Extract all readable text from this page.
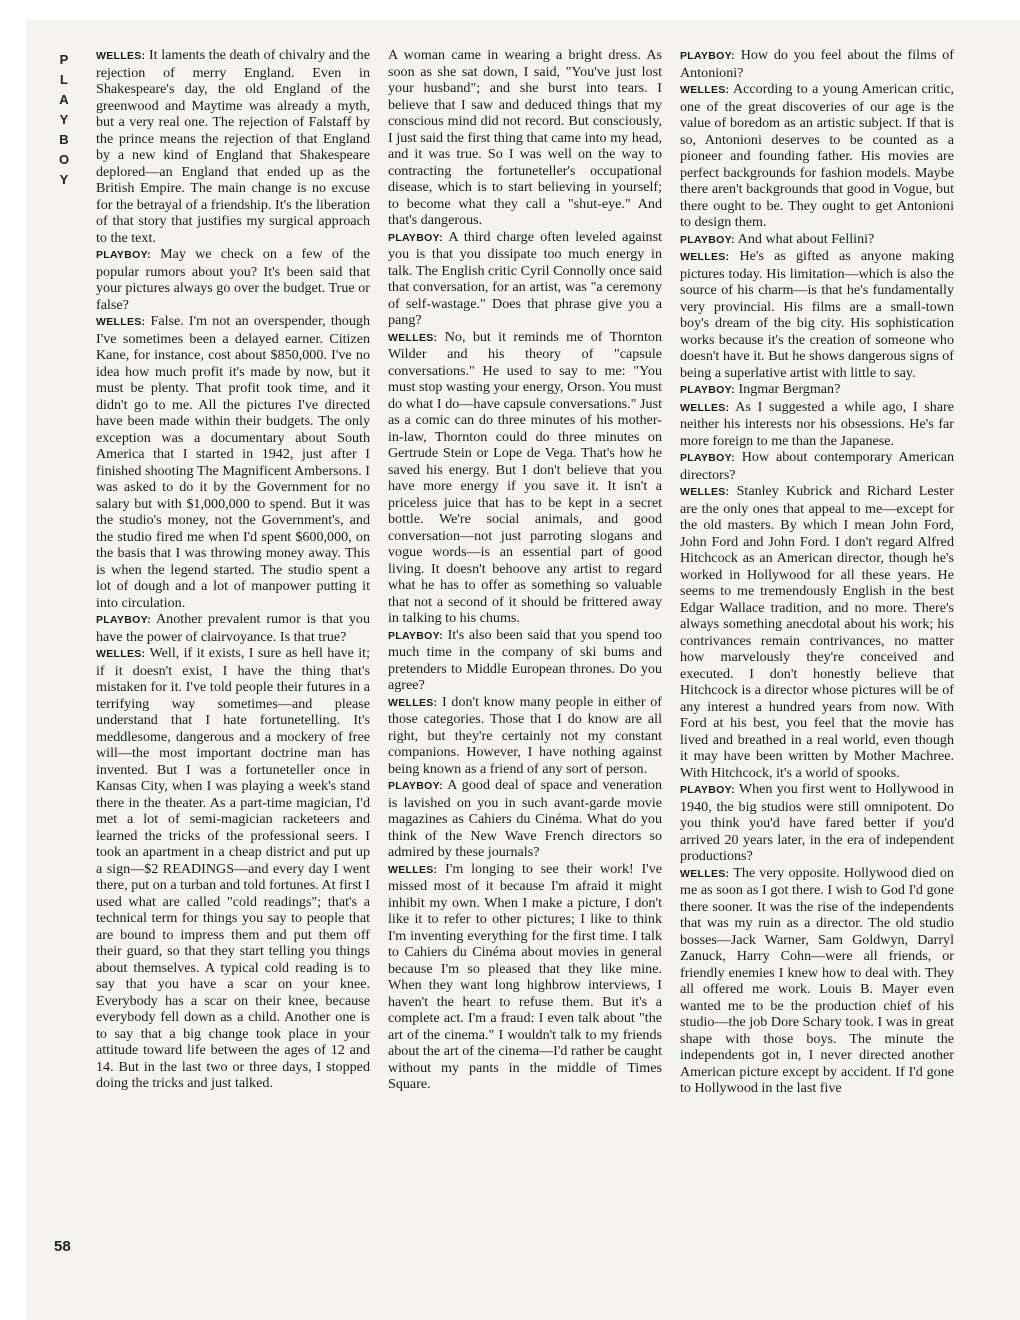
P
L
A
Y
B
O
Y
58

WELLES: It laments the death of chivalry and the rejection of merry England. Even in Shakespeare's day, the old England of the greenwood and Maytime was already a myth, but a very real one. The rejection of Falstaff by the prince means the rejection of that England by a new kind of England that Shakespeare deplored—an England that ended up as the British Empire. The main change is no excuse for the betrayal of a friendship. It's the liberation of that story that justifies my surgical approach to the text.

PLAYBOY: May we check on a few of the popular rumors about you? It's been said that your pictures always go over the budget. True or false?

WELLES: False. I'm not an overspender, though I've sometimes been a delayed earner. Citizen Kane, for instance, cost about $850,000. I've no idea how much profit it's made by now, but it must be plenty. That profit took time, and it didn't go to me. All the pictures I've directed have been made within their budgets. The only exception was a documentary about South America that I started in 1942, just after I finished shooting The Magnificent Ambersons. I was asked to do it by the Government for no salary but with $1,000,000 to spend. But it was the studio's money, not the Government's, and the studio fired me when I'd spent $600,000, on the basis that I was throwing money away. This is when the legend started. The studio spent a lot of dough and a lot of manpower putting it into circulation.

PLAYBOY: Another prevalent rumor is that you have the power of clairvoyance. Is that true?

WELLES: Well, if it exists, I sure as hell have it; if it doesn't exist, I have the thing that's mistaken for it. I've told people their futures in a terrifying way sometimes—and please understand that I hate fortunetelling. It's meddlesome, dangerous and a mockery of free will—the most important doctrine man has invented. But I was a fortuneteller once in Kansas City, when I was playing a week's stand there in the theater. As a part-time magician, I'd met a lot of semi-magician racketeers and learned the tricks of the professional seers. I took an apartment in a cheap district and put up a sign—$2 READINGS—and every day I went there, put on a turban and told fortunes. At first I used what are called "cold readings"; that's a technical term for things you say to people that are bound to impress them and put them off their guard, so that they start telling you things about themselves. A typical cold reading is to say that you have a scar on your knee. Everybody has a scar on their knee, because everybody fell down as a child. Another one is to say that a big change took place in your attitude toward life between the ages of 12 and 14. But in the last two or three days, I stopped doing the tricks and just talked.

A woman came in wearing a bright dress. As soon as she sat down, I said, "You've just lost your husband"; and she burst into tears. I believe that I saw and deduced things that my conscious mind did not record. But consciously, I just said the first thing that came into my head, and it was true. So I was well on the way to contracting the fortuneteller's occupational disease, which is to start believing in yourself; to become what they call a "shut-eye." And that's dangerous.

PLAYBOY: A third charge often leveled against you is that you dissipate too much energy in talk. The English critic Cyril Connolly once said that conversation, for an artist, was "a ceremony of self-wastage." Does that phrase give you a pang?

WELLES: No, but it reminds me of Thornton Wilder and his theory of "capsule conversations." He used to say to me: "You must stop wasting your energy, Orson. You must do what I do—have capsule conversations." Just as a comic can do three minutes of his mother-in-law, Thornton could do three minutes on Gertrude Stein or Lope de Vega. That's how he saved his energy. But I don't believe that you have more energy if you save it. It isn't a priceless juice that has to be kept in a secret bottle. We're social animals, and good conversation—not just parroting slogans and vogue words—is an essential part of good living. It doesn't behoove any artist to regard what he has to offer as something so valuable that not a second of it should be frittered away in talking to his chums.

PLAYBOY: It's also been said that you spend too much time in the company of ski bums and pretenders to Middle European thrones. Do you agree?

WELLES: I don't know many people in either of those categories. Those that I do know are all right, but they're certainly not my constant companions. However, I have nothing against being known as a friend of any sort of person.

PLAYBOY: A good deal of space and veneration is lavished on you in such avant-garde movie magazines as Cahiers du Cinéma. What do you think of the New Wave French directors so admired by these journals?

WELLES: I'm longing to see their work! I've missed most of it because I'm afraid it might inhibit my own. When I make a picture, I don't like it to refer to other pictures; I like to think I'm inventing everything for the first time. I talk to Cahiers du Cinéma about movies in general because I'm so pleased that they like mine. When they want long highbrow interviews, I haven't the heart to refuse them. But it's a complete act. I'm a fraud: I even talk about "the art of the cinema." I wouldn't talk to my friends about the art of the cinema—I'd rather be caught without my pants in the middle of Times Square.

PLAYBOY: How do you feel about the films of Antonioni?

WELLES: According to a young American critic, one of the great discoveries of our age is the value of boredom as an artistic subject. If that is so, Antonioni deserves to be counted as a pioneer and founding father. His movies are perfect backgrounds for fashion models. Maybe there aren't backgrounds that good in Vogue, but there ought to be. They ought to get Antonioni to design them.

PLAYBOY: And what about Fellini?

WELLES: He's as gifted as anyone making pictures today. His limitation—which is also the source of his charm—is that he's fundamentally very provincial. His films are a small-town boy's dream of the big city. His sophistication works because it's the creation of someone who doesn't have it. But he shows dangerous signs of being a superlative artist with little to say.

PLAYBOY: Ingmar Bergman?

WELLES: As I suggested a while ago, I share neither his interests nor his obsessions. He's far more foreign to me than the Japanese.

PLAYBOY: How about contemporary American directors?

WELLES: Stanley Kubrick and Richard Lester are the only ones that appeal to me—except for the old masters. By which I mean John Ford, John Ford and John Ford. I don't regard Alfred Hitchcock as an American director, though he's worked in Hollywood for all these years. He seems to me tremendously English in the best Edgar Wallace tradition, and no more. There's always something anecdotal about his work; his contrivances remain contrivances, no matter how marvelously they're conceived and executed. I don't honestly believe that Hitchcock is a director whose pictures will be of any interest a hundred years from now. With Ford at his best, you feel that the movie has lived and breathed in a real world, even though it may have been written by Mother Machree. With Hitchcock, it's a world of spooks.

PLAYBOY: When you first went to Hollywood in 1940, the big studios were still omnipotent. Do you think you'd have fared better if you'd arrived 20 years later, in the era of independent productions?

WELLES: The very opposite. Hollywood died on me as soon as I got there. I wish to God I'd gone there sooner. It was the rise of the independents that was my ruin as a director. The old studio bosses—Jack Warner, Sam Goldwyn, Darryl Zanuck, Harry Cohn—were all friends, or friendly enemies I knew how to deal with. They all offered me work. Louis B. Mayer even wanted me to be the production chief of his studio—the job Dore Schary took. I was in great shape with those boys. The minute the independents got in, I never directed another American picture except by accident. If I'd gone to Hollywood in the last five
